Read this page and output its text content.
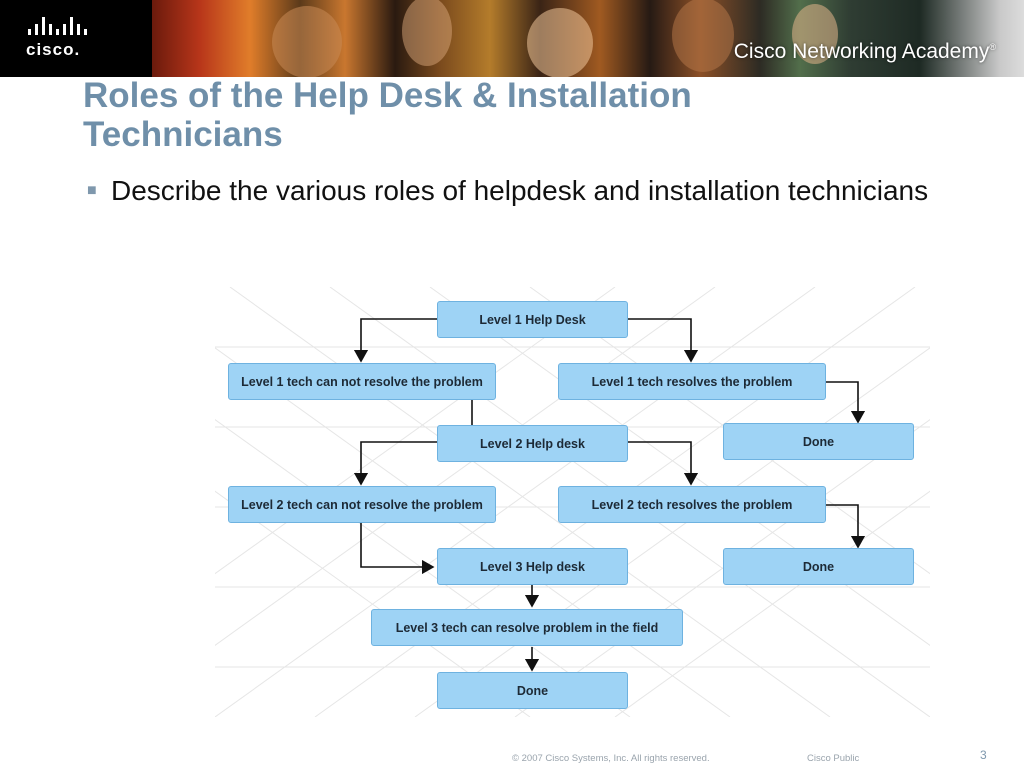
cisco.	Cisco Networking Academy®
Roles of the Help Desk & Installation Technicians
■ Describe the various roles of helpdesk and installation technicians
Level 1 Help Desk
Level 1 tech can not resolve the problem	Level 1 tech resolves the problem
Done
Level 2 Help desk
Level 2 tech can not resolve the problem	Level 2 tech resolves the problem
Done
Level 3 Help desk
Level 3 tech can resolve problem in the field
Done
© 2007 Cisco Systems, Inc. All rights reserved.	Cisco Public	3
